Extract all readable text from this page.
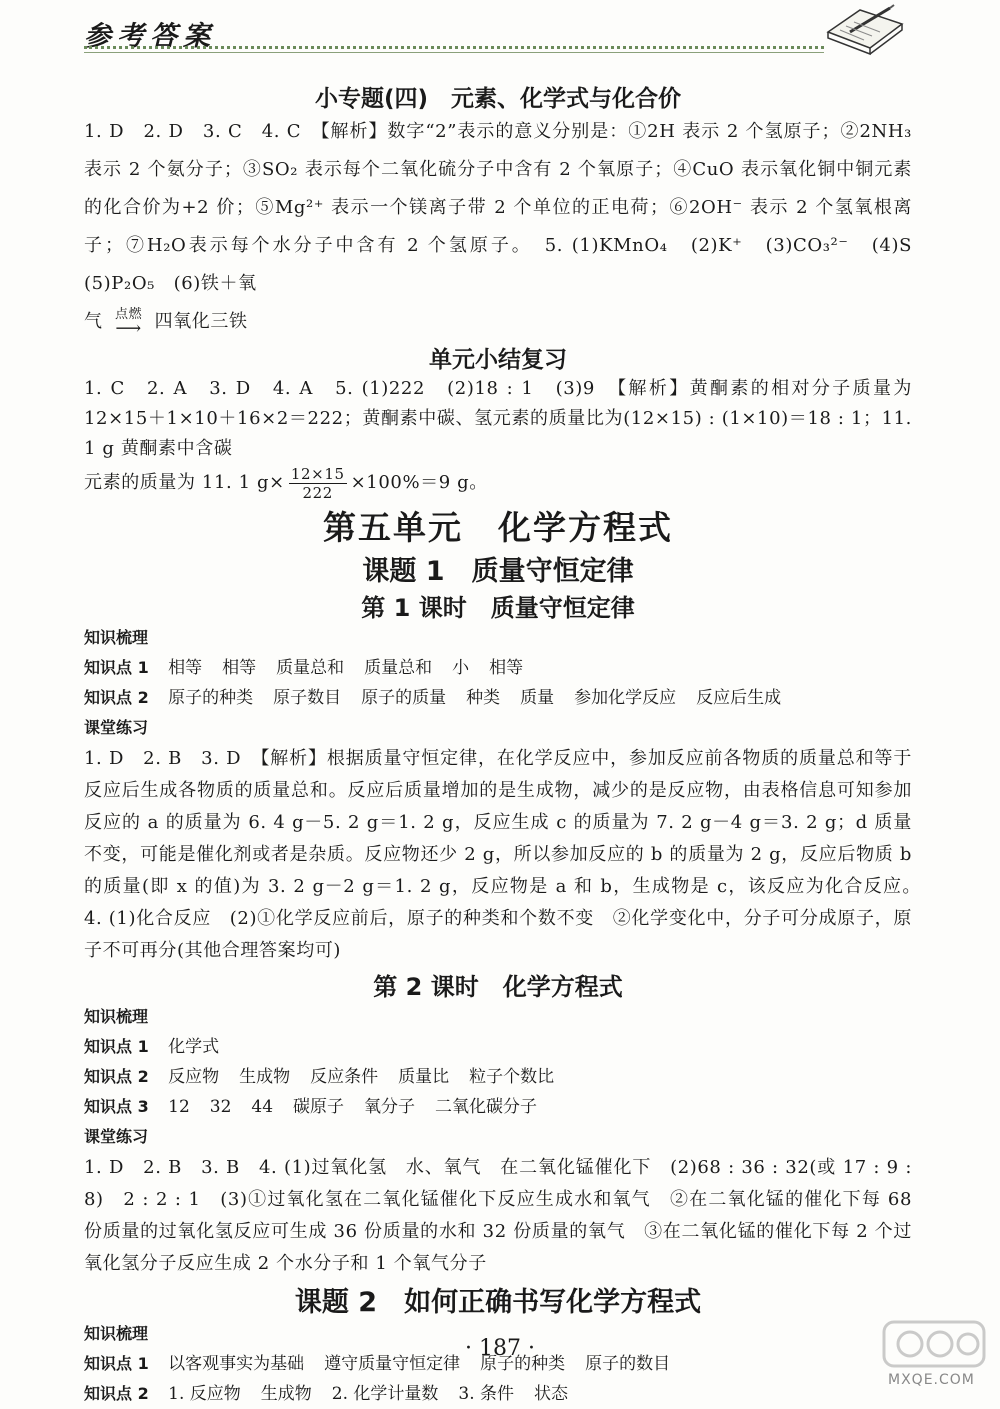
参考答案
小专题(四)　元素、化学式与化合价

1. D　2. D　3. C　4. C　【解析】数字“2”表示的意义分别是：①2H 表示 2 个氢原子；②2NH₃ 表示 2 个氨分子；③SO₂ 表示每个二氧化硫分子中含有 2 个氧原子；④CuO 表示氧化铜中铜元素的化合价为+2 价；⑤Mg²⁺ 表示一个镁离子带 2 个单位的正电荷；⑥2OH⁻ 表示 2 个氢氧根离子；⑦H₂O表示每个水分子中含有 2 个氢原子。　5. (1)KMnO₄　(2)K⁺　(3)CO₃²⁻　(4)S　(5)P₂O₅　(6)铁＋氧

气 点燃
⟶ 四氧化三铁

单元小结复习

1. C　2. A　3. D　4. A　5. (1)222　(2)18 : 1　(3)9　【解析】黄酮素的相对分子质量为 12×15＋1×10＋16×2＝222；黄酮素中碳、氢元素的质量比为(12×15) : (1×10)＝18 : 1；11. 1 g 黄酮素中含碳

元素的质量为 11. 1 $g\times \frac{12\times 15}{222} \times 100\%=9$ g。

第五单元　化学方程式
课题 1　质量守恒定律
第 1 课时　质量守恒定律

知识梳理

知识点 1 相等 相等 质量总和 质量总和 小 相等

知识点 2 原子的种类 原子数目 原子的质量 种类 质量 参加化学反应 反应后生成

课堂练习

1. D　2. B　3. D　【解析】根据质量守恒定律，在化学反应中，参加反应前各物质的质量总和等于反应后生成各物质的质量总和。反应后质量增加的是生成物，减少的是反应物，由表格信息可知参加反应的 a 的质量为 6. 4 g－5. 2 g＝1. 2 g，反应生成 c 的质量为 7. 2 g－4 g＝3. 2 g；d 质量不变，可能是催化剂或者是杂质。反应物还少 2 g，所以参加反应的 b 的质量为 2 g，反应后物质 b 的质量(即 x 的值)为 3. 2 g－2 g＝1. 2 g，反应物是 a 和 b，生成物是 c，该反应为化合反应。　4. (1)化合反应　(2)①化学反应前后，原子的种类和个数不变　②化学变化中，分子可分成原子，原子不可再分(其他合理答案均可)

第 2 课时　化学方程式

知识梳理

知识点 1 化学式

知识点 2 反应物 生成物 反应条件 质量比 粒子个数比

知识点 3 12 32 44 碳原子 氧分子 二氧化碳分子

课堂练习

1. D　2. B　3. B　4. (1)过氧化氢　水、氧气　在二氧化锰催化下　(2)68 : 36 : 32(或 17 : 9 : 8)　2 : 2 : 1　(3)①过氧化氢在二氧化锰催化下反应生成水和氧气　②在二氧化锰的催化下每 68 份质量的过氧化氢反应可生成 36 份质量的水和 32 份质量的氧气　③在二氧化锰的催化下每 2 个过氧化氢分子反应生成 2 个水分子和 1 个氧气分子

课题 2　如何正确书写化学方程式

知识梳理

知识点 1 以客观事实为基础 遵守质量守恒定律 原子的种类 原子的数目

知识点 2 1. 反应物 生成物 2. 化学计量数 3. 条件 状态

· 187 ·
MXQE.COM
